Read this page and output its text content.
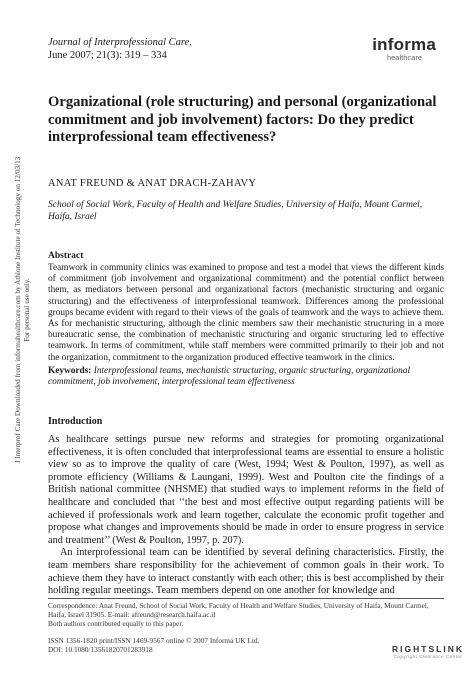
Journal of Interprofessional Care,
June 2007; 21(3): 319 – 334
informa
healthcare
Organizational (role structuring) and personal (organizational commitment and job involvement) factors: Do they predict interprofessional team effectiveness?
ANAT FREUND & ANAT DRACH-ZAHAVY
School of Social Work, Faculty of Health and Welfare Studies, University of Haifa, Mount Carmel, Haifa, Israel
Abstract

Teamwork in community clinics was examined to propose and test a model that views the different kinds of commitment (job involvement and organizational commitment) and the potential conflict between them, as mediators between personal and organizational factors (mechanistic structuring and organic structuring) and the effectiveness of interprofessional teamwork. Differences among the professional groups became evident with regard to their views of the goals of teamwork and the ways to achieve them. As for mechanistic structuring, although the clinic members saw their mechanistic structuring in a more bureaucratic sense, the combination of mechanistic structuring and organic structuring led to effective teamwork. In terms of commitment, while staff members were committed primarily to their job and not the organization, commitment to the organization produced effective teamwork in the clinics.

Keywords: Interprofessional teams, mechanistic structuring, organic structuring, organizational commitment, job involvement, interprofessional team effectiveness
Introduction

As healthcare settings pursue new reforms and strategies for promoting organizational effectiveness, it is often concluded that interprofessional teams are essential to ensure a holistic view so as to improve the quality of care (West, 1994; West & Poulton, 1997), as well as promote efficiency (Williams & Laungani, 1999). West and Poulton cite the findings of a British national committee (NHSME) that studied ways to implement reforms in the field of healthcare and concluded that ‘‘the best and most effective output regarding patients will be achieved if professionals work and learn together, calculate the economic profit together and propose what changes and improvements should be made in order to ensure progress in service and treatment’’ (West & Poulton, 1997, p. 207).

An interprofessional team can be identified by several defining characteristics. Firstly, the team members share responsibility for the achievement of common goals in their work. To achieve them they have to interact constantly with each other; this is best accomplished by their holding regular meetings. Team members depend on one another for knowledge and

Correspondence: Anat Freund, School of Social Work, Faculty of Health and Welfare Studies, University of Haifa, Mount Carmel, Haifa, Israel 31905. E-mail: afreund@research.haifa.ac.il
Both authors contributed equally to this paper.
ISSN 1356-1820 print/ISSN 1469-9567 online © 2007 Informa UK Ltd.
DOI: 10.1080/13561820701283918
J Interprof Care Downloaded from informahealthcare.com by Athlone Institute of Technology on 12/03/13 For personal use only.
RIGHTSLINK
Copyright Clearance Center
